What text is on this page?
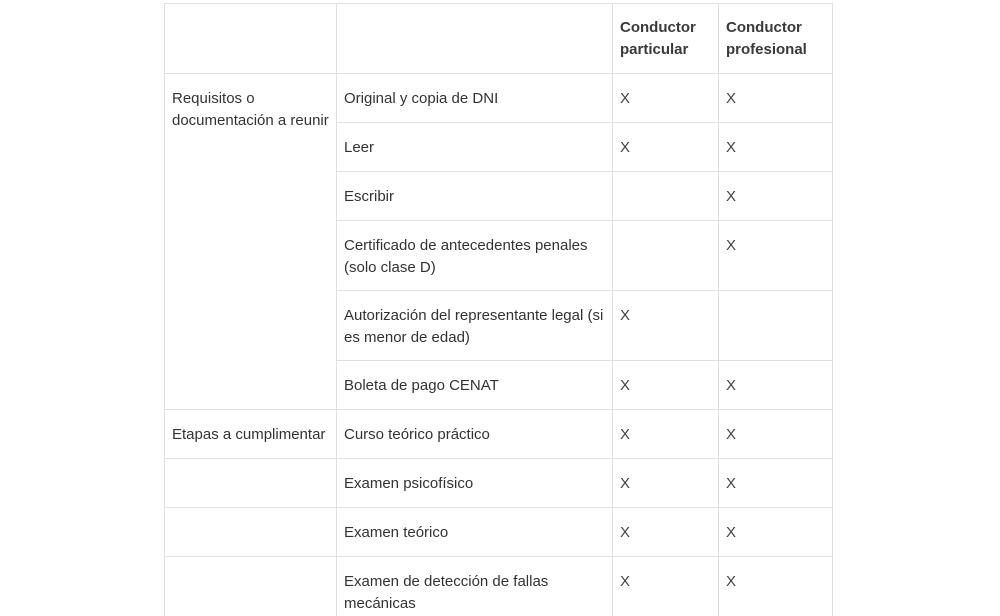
		Conductor particular	Conductor profesional
Requisitos o documentación a reunir	Original y copia de DNI	X	X
	Leer	X	X
	Escribir		X
	Certificado de antecedentes penales (solo clase D)		X
	Autorización del representante legal (si es menor de edad)	X	
	Boleta de pago CENAT	X	X
Etapas a cumplimentar	Curso teórico práctico	X	X
	Examen psicofísico	X	X
	Examen teórico	X	X
	Examen de detección de fallas mecánicas	X	X
